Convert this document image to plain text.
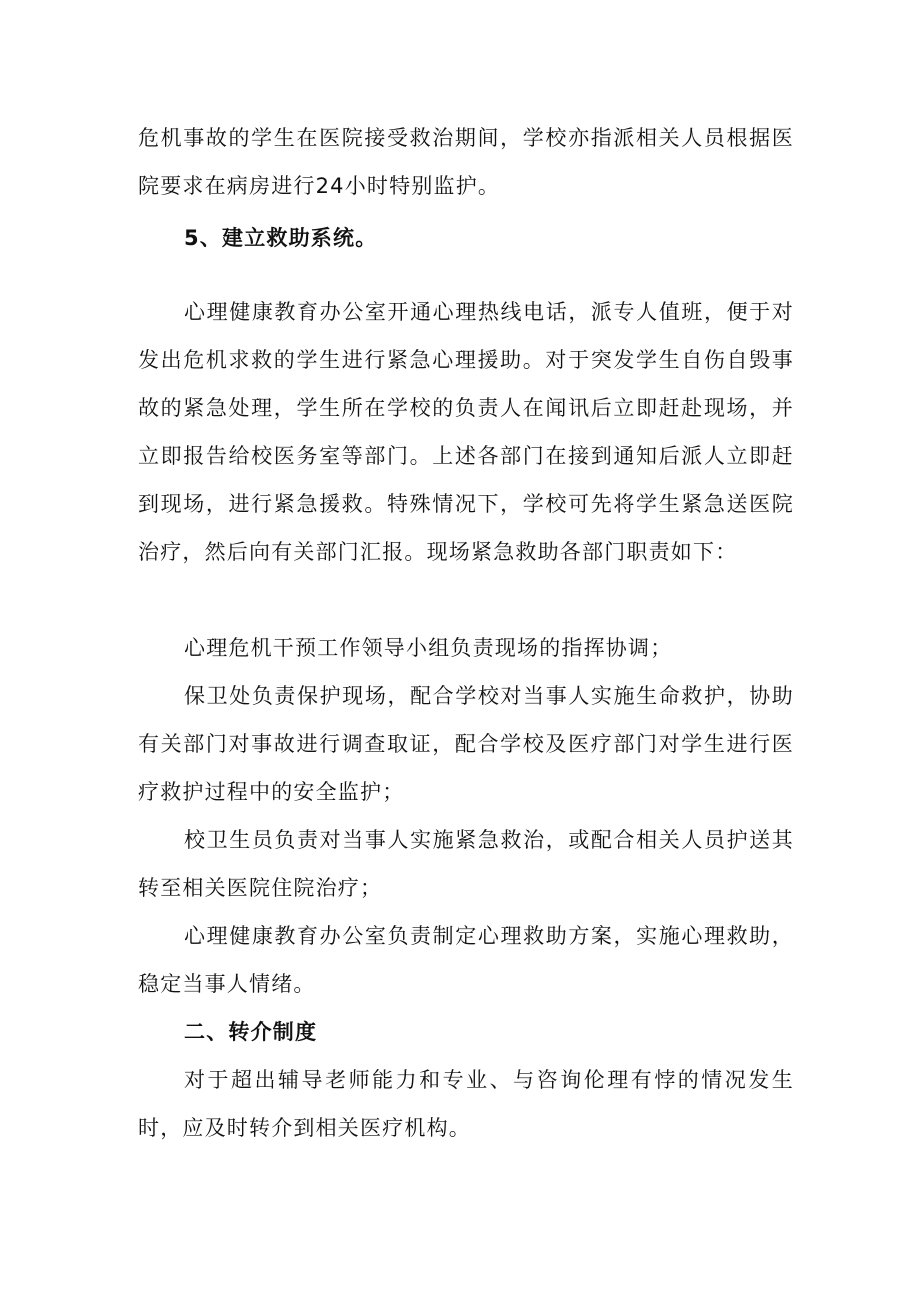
危机事故的学生在医院接受救治期间，学校亦指派相关人员根据医院要求在病房进行24小时特别监护。

5、建立救助系统。

心理健康教育办公室开通心理热线电话，派专人值班，便于对发出危机求救的学生进行紧急心理援助。对于突发学生自伤自毁事故的紧急处理，学生所在学校的负责人在闻讯后立即赶赴现场，并立即报告给校医务室等部门。上述各部门在接到通知后派人立即赶到现场，进行紧急援救。特殊情况下，学校可先将学生紧急送医院治疗，然后向有关部门汇报。现场紧急救助各部门职责如下：

心理危机干预工作领导小组负责现场的指挥协调；

保卫处负责保护现场，配合学校对当事人实施生命救护，协助有关部门对事故进行调查取证，配合学校及医疗部门对学生进行医疗救护过程中的安全监护；

校卫生员负责对当事人实施紧急救治，或配合相关人员护送其转至相关医院住院治疗；

心理健康教育办公室负责制定心理救助方案，实施心理救助，稳定当事人情绪。

二、转介制度

对于超出辅导老师能力和专业、与咨询伦理有悖的情况发生时，应及时转介到相关医疗机构。
